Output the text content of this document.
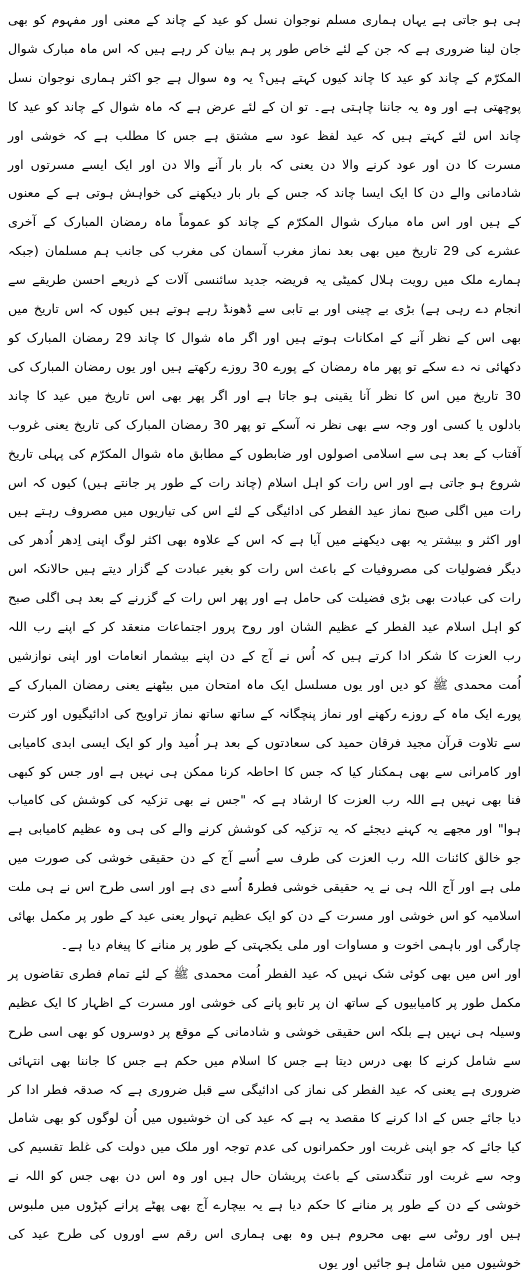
ہی ہو جاتی ہے یہاں ہماری مسلم نوجوان نسل کو عید کے چاند کے معنی اور مفہوم کو بھی جان لینا ضروری ہے کہ جن کے لئے خاص طور پر ہم بیان کر رہے ہیں کہ اس ماہ مبارک شوال المکرّم کے چاند کو عید کا چاند کیوں کہتے ہیں؟ یہ وہ سوال ہے جو اکثر ہماری نوجوان نسل پوچھتی ہے اور وہ یہ جاننا چاہتی ہے۔ تو ان کے لئے عرض ہے کہ ماہ شوال کے چاند کو عید کا چاند اس لئے کہتے ہیں کہ عید لفظ عود سے مشتق ہے جس کا مطلب ہے کہ خوشی اور مسرت کا دن اور عود کرنے والا دن یعنی کہ بار بار آنے والا دن اور ایک ایسے مسرتوں اور شادمانی والے دن کا ایک ایسا چاند کہ جس کے بار بار دیکھنے کی خواہش ہوتی ہے کے معنوں کے ہیں اور اس ماہ مبارک شوال المکرّم کے چاند کو عموماً ماہ رمضان المبارک کے آخری عشرے کی 29 تاریخ میں بھی بعد نماز مغرب آسمان کی مغرب کی جانب ہم مسلمان (جبکہ ہمارے ملک میں رویت ہلال کمیٹی یہ فریضہ جدید سائنسی آلات کے ذریعے احسن طریقے سے انجام دے رہی ہے) بڑی بے چینی اور بے تابی سے ڈھونڈ رہے ہوتے ہیں کیوں کہ اس تاریخ میں بھی اس کے نظر آنے کے امکانات ہوتے ہیں اور اگر ماہ شوال کا چاند 29 رمضان المبارک کو دکھائی نہ دے سکے تو پھر ماہ رمضان کے پورے 30 روزے رکھتے ہیں اور یوں رمضان المبارک کی 30 تاریخ میں اس کا نظر آنا یقینی ہو جاتا ہے اور اگر پھر بھی اس تاریخ میں عید کا چاند بادلوں یا کسی اور وجہ سے بھی نظر نہ آسکے تو پھر 30 رمضان المبارک کی تاریخ یعنی غروب آفتاب کے بعد ہی سے اسلامی اصولوں اور ضابطوں کے مطابق ماہ شوال المکرّم کی پہلی تاریخ شروع ہو جاتی ہے اور اس رات کو اہل اسلام (چاند رات کے طور پر جانتے ہیں) کیوں کہ اس رات میں اگلی صبح نماز عید الفطر کی ادائیگی کے لئے اس کی تیاریوں میں مصروف رہتے ہیں اور اکثر و بیشتر یہ بھی دیکھنے میں آیا ہے کہ اس کے علاوہ بھی اکثر لوگ اپنی اِدھر اُدھر کی دیگر فضولیات کی مصروفیات کے باعث اس رات کو بغیر عبادت کے گزار دیتے ہیں حالانکہ اس رات کی عبادت بھی بڑی فضیلت کی حامل ہے اور پھر اس رات کے گزرنے کے بعد ہی اگلی صبح کو اہل اسلام عید الفطر کے عظیم الشان اور روح پرور اجتماعات منعقد کر کے اپنے رب اللہ رب العزت کا شکر ادا کرتے ہیں کہ اُس نے آج کے دن اپنے بیشمار انعامات اور اپنی نوازشیں اُمت محمدی ﷺ کو دیں اور یوں مسلسل ایک ماہ امتحان میں بیٹھنے یعنی رمضان المبارک کے پورے ایک ماہ کے روزے رکھنے اور نماز پنچگانہ کے ساتھ ساتھ نماز تراویح کی ادائیگیوں اور کثرت سے تلاوت قرآن مجید فرقان حمید کی سعادتوں کے بعد ہر اُمید وار کو ایک ایسی ابدی کامیابی اور کامرانی سے بھی ہمکنار کیا کہ جس کا احاطہ کرنا ممکن ہی نہیں ہے اور جس کو کبھی فنا بھی نہیں ہے اللہ رب العزت کا ارشاد ہے کہ "جس نے بھی تزکیہ کی کوشش کی کامیاب ہوا" اور مجھے یہ کہنے دیجئے کہ یہ تزکیہ کی کوشش کرنے والے کی ہی وہ عظیم کامیابی ہے جو خالق کائنات اللہ رب العزت کی طرف سے اُسے آج کے دن حقیقی خوشی کی صورت میں ملی ہے اور آج اللہ ہی نے یہ حقیقی خوشی فطرۃً اُسے دی ہے اور اسی طرح اس نے ہی ملت اسلامیہ کو اس خوشی اور مسرت کے دن کو ایک عظیم تہوار یعنی عید کے طور پر مکمل بھائی چارگی اور باہمی اخوت و مساوات اور ملی یکجہتی کے طور پر منانے کا پیغام دیا ہے۔

اور اس میں بھی کوئی شک نہیں کہ عید الفطر اُمت محمدی ﷺ کے لئے تمام فطری تقاضوں پر مکمل طور پر کامیابیوں کے ساتھ ان پر تابو پانے کی خوشی اور مسرت کے اظہار کا ایک عظیم وسیلہ ہی نہیں ہے بلکہ اس حقیقی خوشی و شادمانی کے موقع پر دوسروں کو بھی اسی طرح سے شامل کرنے کا بھی درس دیتا ہے جس کا اسلام میں حکم ہے جس کا جاننا بھی انتہائی ضروری ہے یعنی کہ عید الفطر کی نماز کی ادائیگی سے قبل ضروری ہے کہ صدقہ فطر ادا کر دیا جائے جس کے ادا کرنے کا مقصد یہ ہے کہ عید کی ان خوشیوں میں اُن لوگوں کو بھی شامل کیا جائے کہ جو اپنی غربت اور حکمرانوں کی عدم توجہ اور ملک میں دولت کی غلط تقسیم کی وجہ سے غربت اور تنگدستی کے باعث پریشان حال ہیں اور وہ اس دن بھی جس کو اللہ نے خوشی کے دن کے طور پر منانے کا حکم دیا ہے یہ بیچارے آج بھی پھٹے پرانے کپڑوں میں ملبوس ہیں اور روٹی سے بھی محروم ہیں وہ بھی ہماری اس رقم سے اوروں کی طرح عید کی خوشیوں میں شامل ہو جائیں اور یوں
